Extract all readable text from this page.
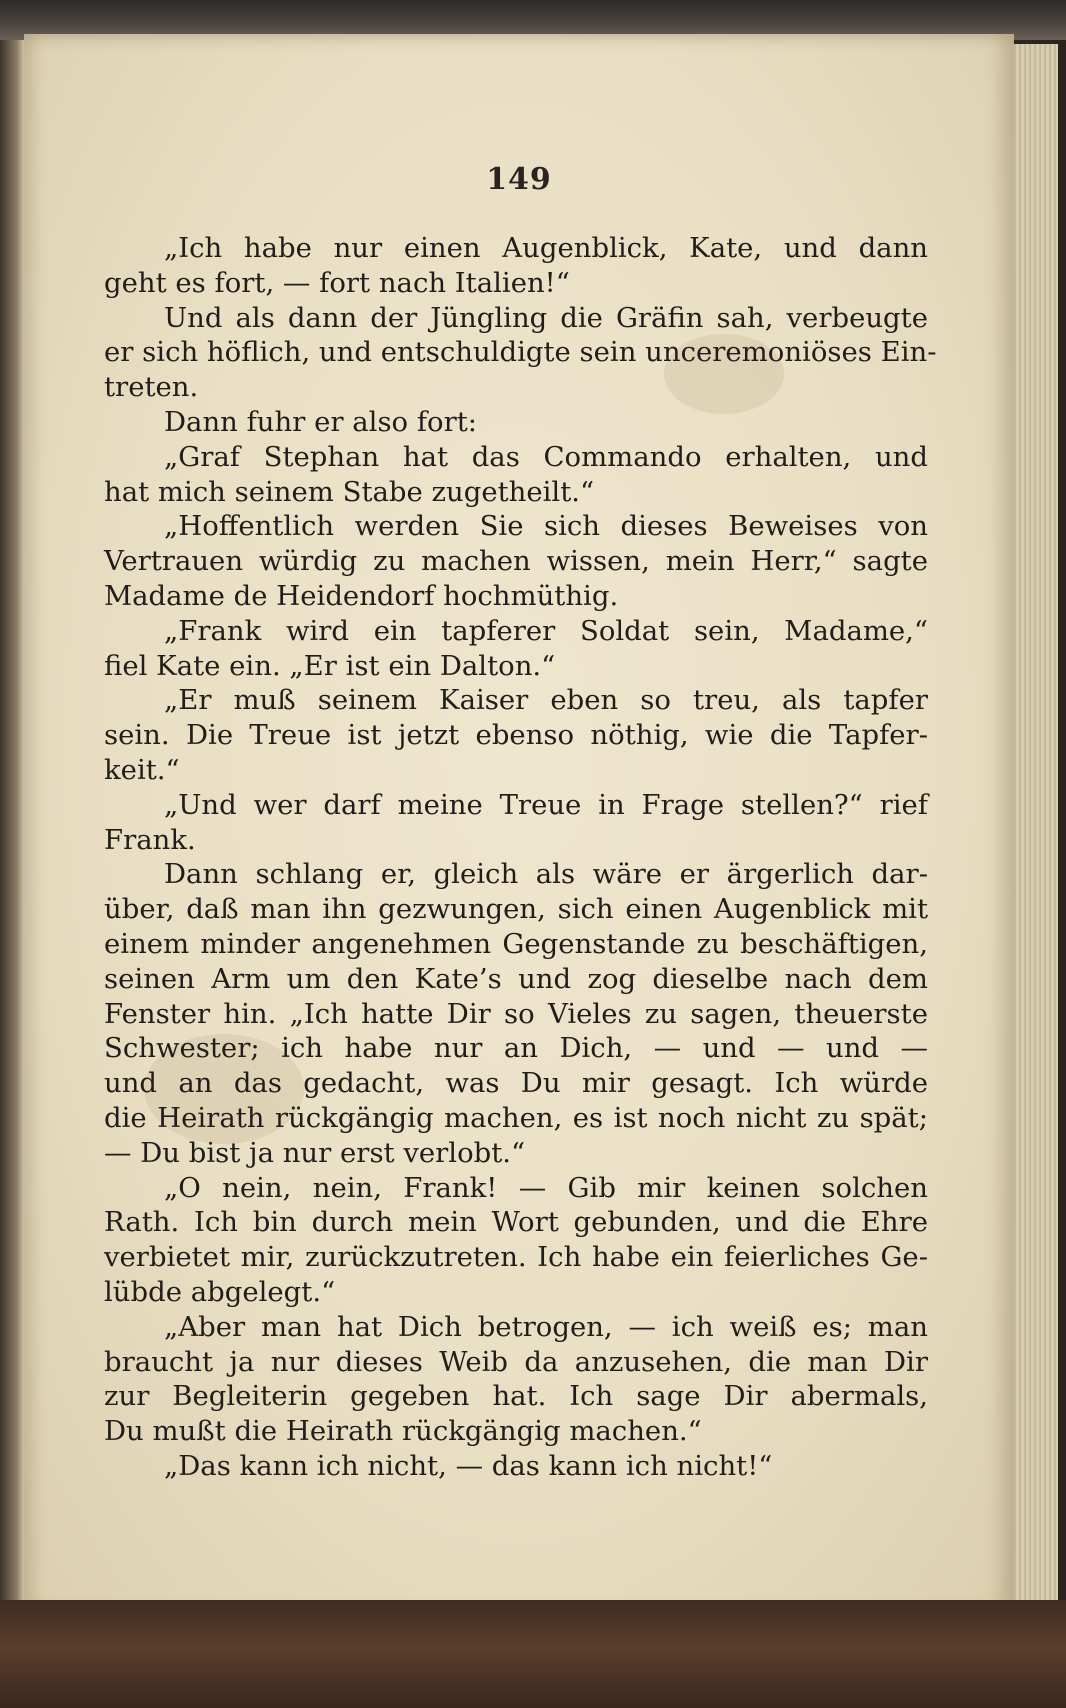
149
„Ich habe nur einen Augenblick, Kate, und dann
geht es fort, — fort nach Italien!“
Und als dann der Jüngling die Gräfin sah, verbeugte
er sich höflich, und entschuldigte sein unceremoniöses Ein-
treten.
Dann fuhr er also fort:
„Graf Stephan hat das Commando erhalten, und
hat mich seinem Stabe zugetheilt.“
„Hoffentlich werden Sie sich dieses Beweises von
Vertrauen würdig zu machen wissen, mein Herr,“ sagte
Madame de Heidendorf hochmüthig.
„Frank wird ein tapferer Soldat sein, Madame,“
fiel Kate ein. „Er ist ein Dalton.“
„Er muß seinem Kaiser eben so treu, als tapfer
sein. Die Treue ist jetzt ebenso nöthig, wie die Tapfer-
keit.“
„Und wer darf meine Treue in Frage stellen?“ rief
Frank.
Dann schlang er, gleich als wäre er ärgerlich dar-
über, daß man ihn gezwungen, sich einen Augenblick mit
einem minder angenehmen Gegenstande zu beschäftigen,
seinen Arm um den Kate’s und zog dieselbe nach dem
Fenster hin. „Ich hatte Dir so Vieles zu sagen, theuerste
Schwester; ich habe nur an Dich, — und — und —
und an das gedacht, was Du mir gesagt. Ich würde
die Heirath rückgängig machen, es ist noch nicht zu spät;
— Du bist ja nur erst verlobt.“
„O nein, nein, Frank! — Gib mir keinen solchen
Rath. Ich bin durch mein Wort gebunden, und die Ehre
verbietet mir, zurückzutreten. Ich habe ein feierliches Ge-
lübde abgelegt.“
„Aber man hat Dich betrogen, — ich weiß es; man
braucht ja nur dieses Weib da anzusehen, die man Dir
zur Begleiterin gegeben hat. Ich sage Dir abermals,
Du mußt die Heirath rückgängig machen.“
„Das kann ich nicht, — das kann ich nicht!“
